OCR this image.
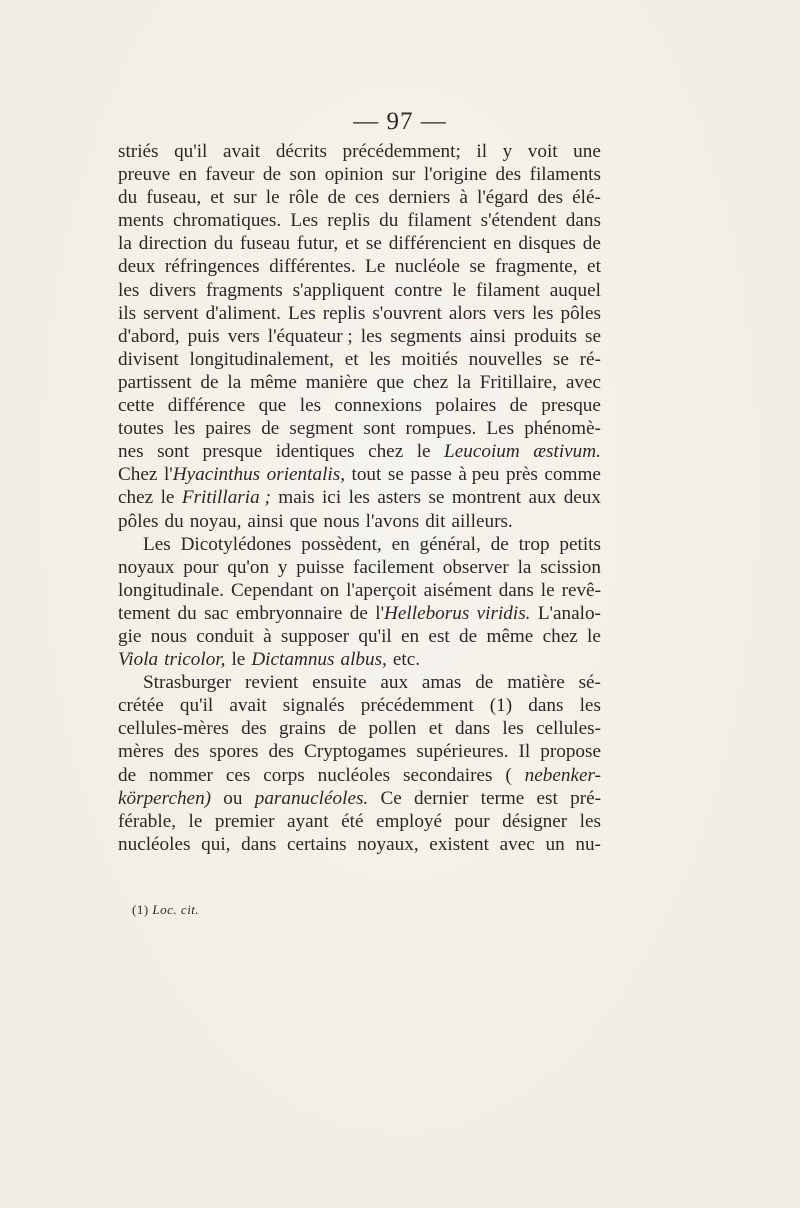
— 97 —
striés qu'il avait décrits précédemment; il y voit une
preuve en faveur de son opinion sur l'origine des filaments
du fuseau, et sur le rôle de ces derniers à l'égard des élé-
ments chromatiques. Les replis du filament s'étendent dans
la direction du fuseau futur, et se différencient en disques de
deux réfringences différentes. Le nucléole se fragmente, et
les divers fragments s'appliquent contre le filament auquel
ils servent d'aliment. Les replis s'ouvrent alors vers les pôles
d'abord, puis vers l'équateur ; les segments ainsi produits se
divisent longitudinalement, et les moitiés nouvelles se ré-
partissent de la même manière que chez la Fritillaire, avec
cette différence que les connexions polaires de presque
toutes les paires de segment sont rompues. Les phénomè-
nes sont presque identiques chez le Leucoium æstivum.
Chez l'Hyacinthus orientalis, tout se passe à peu près comme
chez le Fritillaria ; mais ici les asters se montrent aux deux
pôles du noyau, ainsi que nous l'avons dit ailleurs.
Les Dicotylédones possèdent, en général, de trop petits
noyaux pour qu'on y puisse facilement observer la scission
longitudinale. Cependant on l'aperçoit aisément dans le revê-
tement du sac embryonnaire de l'Helleborus viridis. L'analo-
gie nous conduit à supposer qu'il en est de même chez le
Viola tricolor, le Dictamnus albus, etc.
Strasburger revient ensuite aux amas de matière sé-
crétée qu'il avait signalés précédemment (1) dans les
cellules-mères des grains de pollen et dans les cellules-
mères des spores des Cryptogames supérieures. Il propose
de nommer ces corps nucléoles secondaires ( nebenker-
körperchen) ou paranucléoles. Ce dernier terme est pré-
férable, le premier ayant été employé pour désigner les
nucléoles qui, dans certains noyaux, existent avec un nu-
(1) Loc. cit.
